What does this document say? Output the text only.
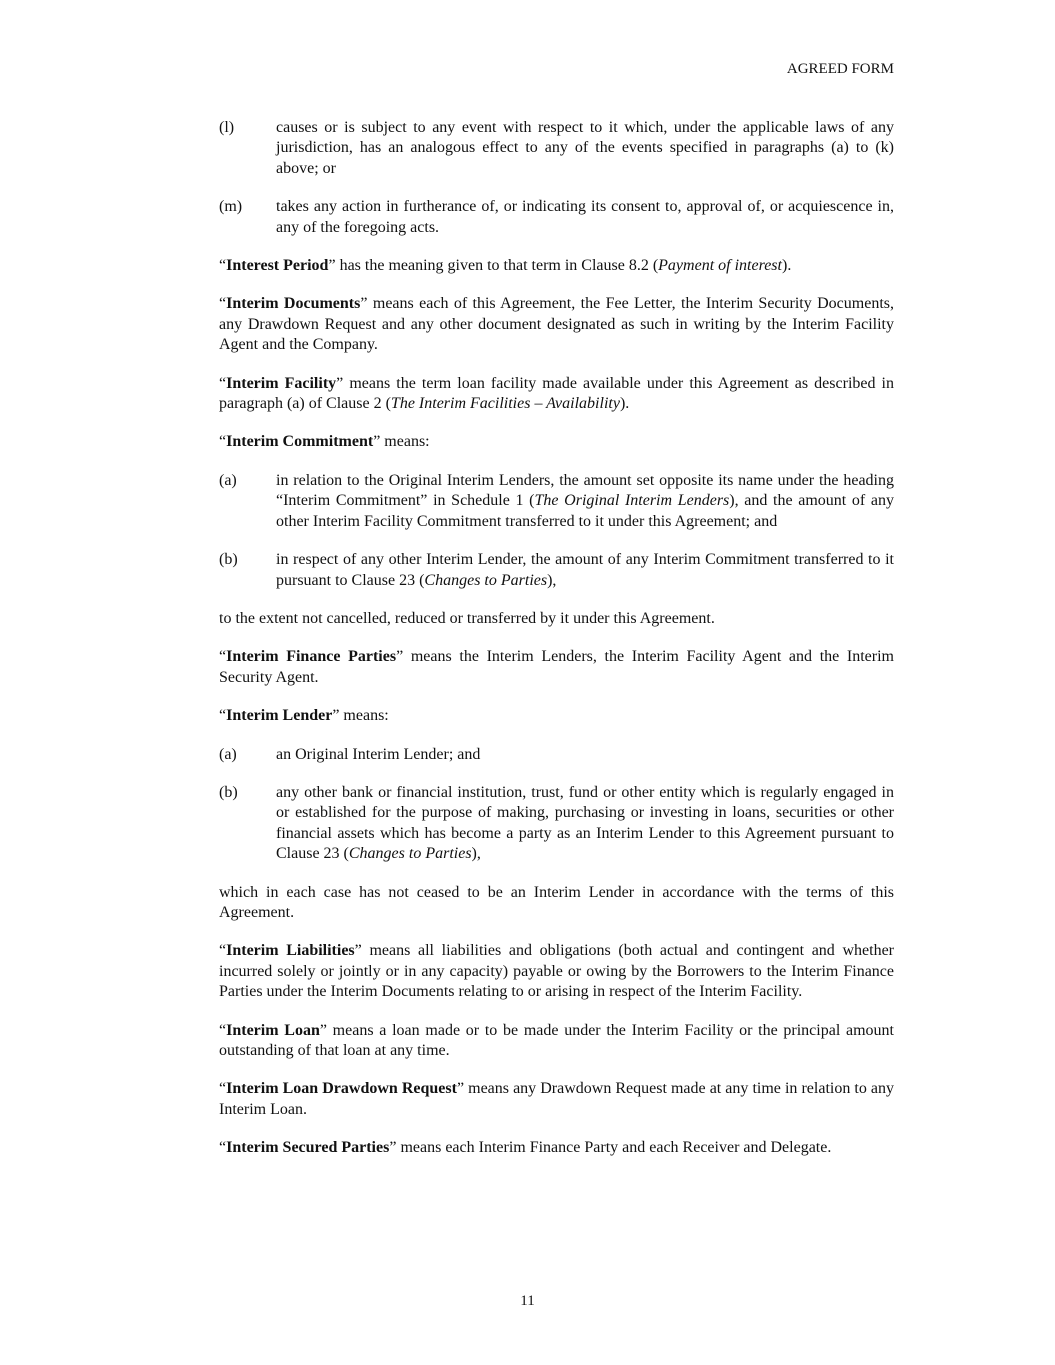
AGREED FORM
(l)	causes or is subject to any event with respect to it which, under the applicable laws of any jurisdiction, has an analogous effect to any of the events specified in paragraphs (a) to (k) above; or
(m)	takes any action in furtherance of, or indicating its consent to, approval of, or acquiescence in, any of the foregoing acts.

“Interest Period” has the meaning given to that term in Clause 8.2 (Payment of interest).

“Interim Documents” means each of this Agreement, the Fee Letter, the Interim Security Documents, any Drawdown Request and any other document designated as such in writing by the Interim Facility Agent and the Company.

“Interim Facility” means the term loan facility made available under this Agreement as described in paragraph (a) of Clause 2 (The Interim Facilities – Availability).

“Interim Commitment” means:

(a)	in relation to the Original Interim Lenders, the amount set opposite its name under the heading “Interim Commitment” in Schedule 1 (The Original Interim Lenders), and the amount of any other Interim Facility Commitment transferred to it under this Agreement; and
(b)	in respect of any other Interim Lender, the amount of any Interim Commitment transferred to it pursuant to Clause 23 (Changes to Parties),

to the extent not cancelled, reduced or transferred by it under this Agreement.

“Interim Finance Parties” means the Interim Lenders, the Interim Facility Agent and the Interim Security Agent.

“Interim Lender” means:

(a)	an Original Interim Lender; and
(b)	any other bank or financial institution, trust, fund or other entity which is regularly engaged in or established for the purpose of making, purchasing or investing in loans, securities or other financial assets which has become a party as an Interim Lender to this Agreement pursuant to Clause 23 (Changes to Parties),

which in each case has not ceased to be an Interim Lender in accordance with the terms of this Agreement.

“Interim Liabilities” means all liabilities and obligations (both actual and contingent and whether incurred solely or jointly or in any capacity) payable or owing by the Borrowers to the Interim Finance Parties under the Interim Documents relating to or arising in respect of the Interim Facility.

“Interim Loan” means a loan made or to be made under the Interim Facility or the principal amount outstanding of that loan at any time.

“Interim Loan Drawdown Request” means any Drawdown Request made at any time in relation to any Interim Loan.

“Interim Secured Parties” means each Interim Finance Party and each Receiver and Delegate.

11
